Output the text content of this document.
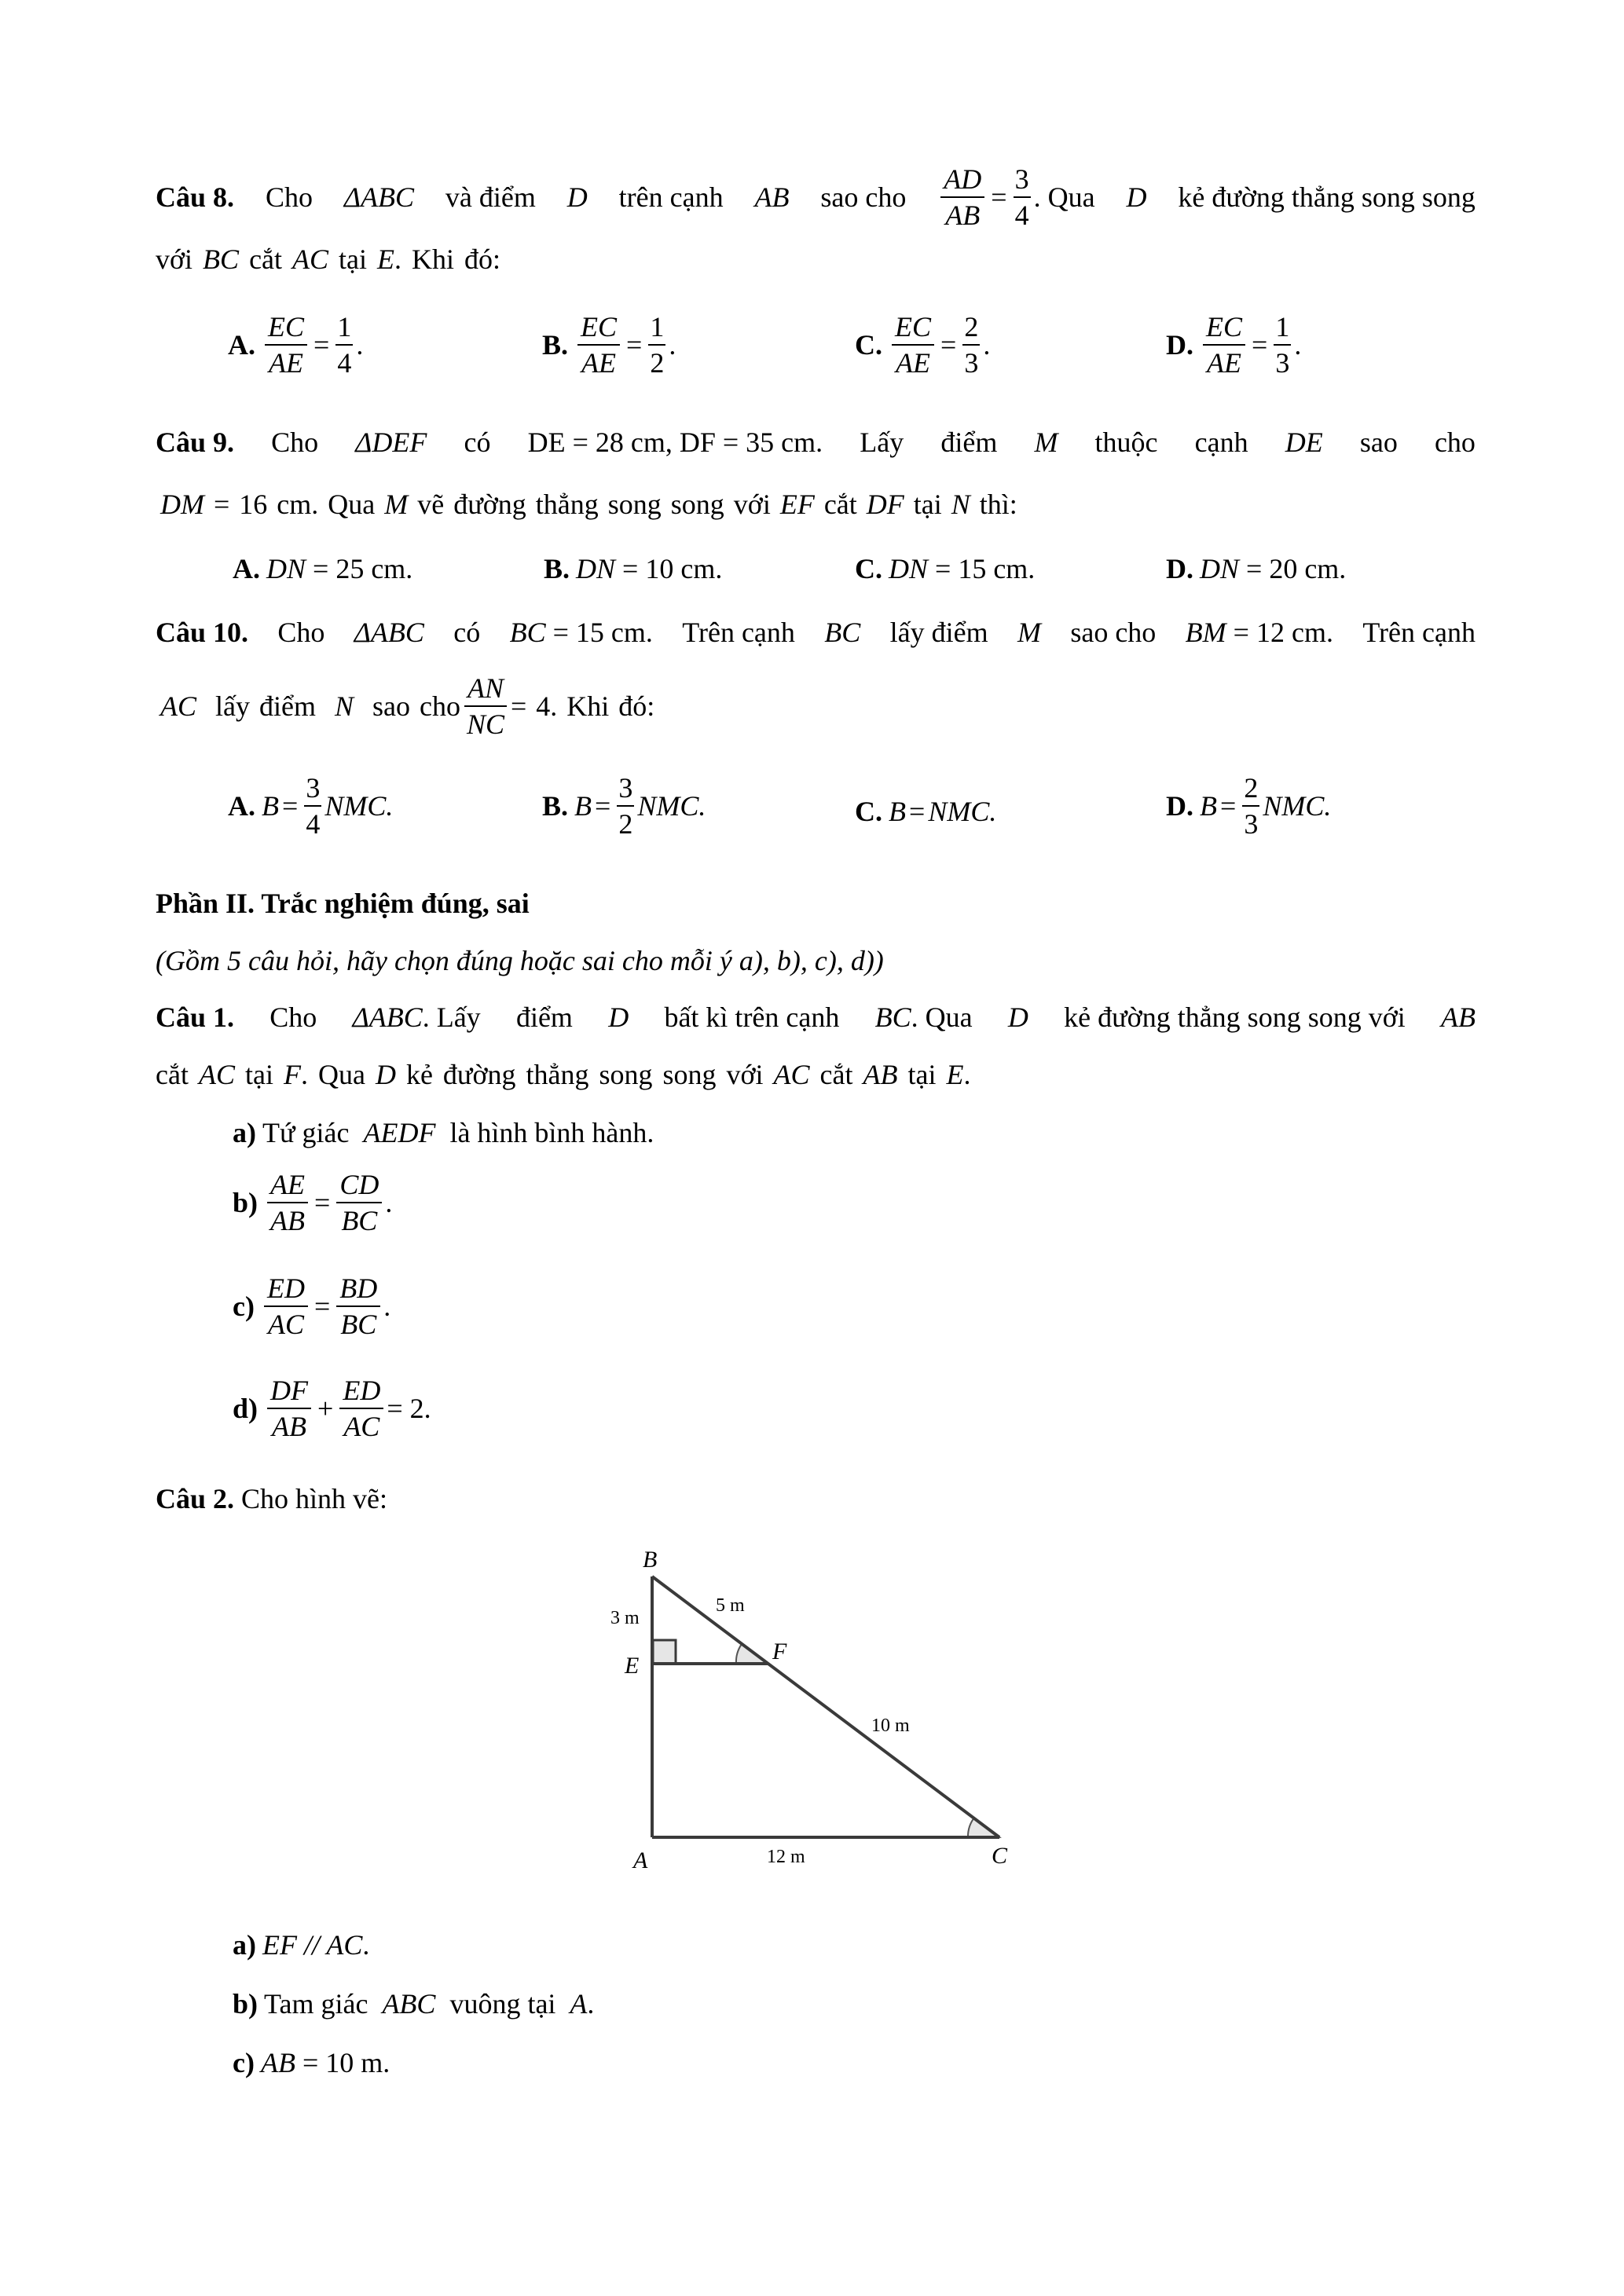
Câu 8. Cho ΔABC và điểm D trên cạnh AB sao cho $\frac{AD}{AB} = \frac{3}{4}$ . Qua D kẻ đường thẳng song song
với BC cắt AC tại E. Khi đó:
A. $\frac{EC}{AE} = \frac{1}{4}$ .	B. $\frac{EC}{AE} = \frac{1}{2}$ .	C. $\frac{EC}{AE} = \frac{2}{3}$ .	D. $\frac{EC}{AE} = \frac{1}{3}$ .
Câu 9. Cho ΔDEF có DE = 28 cm, DF = 35 cm. Lấy điểm M thuộc cạnh DE sao cho
DM = 16 cm. Qua M vẽ đường thẳng song song với EF cắt DF tại N thì:
A. DN
= 25 cm.	B. DN
= 10 cm.	C. DN
= 15 cm.	D. DN
= 20 cm.
Câu 10. Cho ΔABC có BC = 15 cm. Trên cạnh BC lấy điểm M sao cho BM = 12 cm. Trên cạnh
AC
lấy điểm
N
sao cho $\frac{AN}{NC} = 4$. Khi đó:
A. $B = \frac{3}{4}$ NMC.	B. $B = \frac{3}{2}$ NMC.	C. B = NMC.	D. $B = \frac{2}{3}$ NMC.
Phần II. Trắc nghiệm đúng, sai
(Gồm 5 câu hỏi, hãy chọn đúng hoặc sai cho mỗi ý a), b), c), d))
Câu 1. Cho ΔABC. Lấy điểm D bất kì trên cạnh BC. Qua D kẻ đường thẳng song song với AB
cắt AC tại F. Qua D kẻ đường thẳng song song với AC cắt AB tại E.
a) Tứ giác
AEDF
là hình bình hành.
$b) \frac{AE}{AB} = \frac{CD}{BC}$ .
$c) \frac{ED}{AC} = \frac{BD}{BC}$ .
$d) \frac{DF}{AB} + \frac{ED}{AC} = 2$.
Câu 2. Cho hình vẽ:
B
E
F
A	C
3 m
5 m
10 m
12 m
a) EF // AC .
b) Tam giác
ABC
vuông tại
A .
c) AB
= 10 m.
